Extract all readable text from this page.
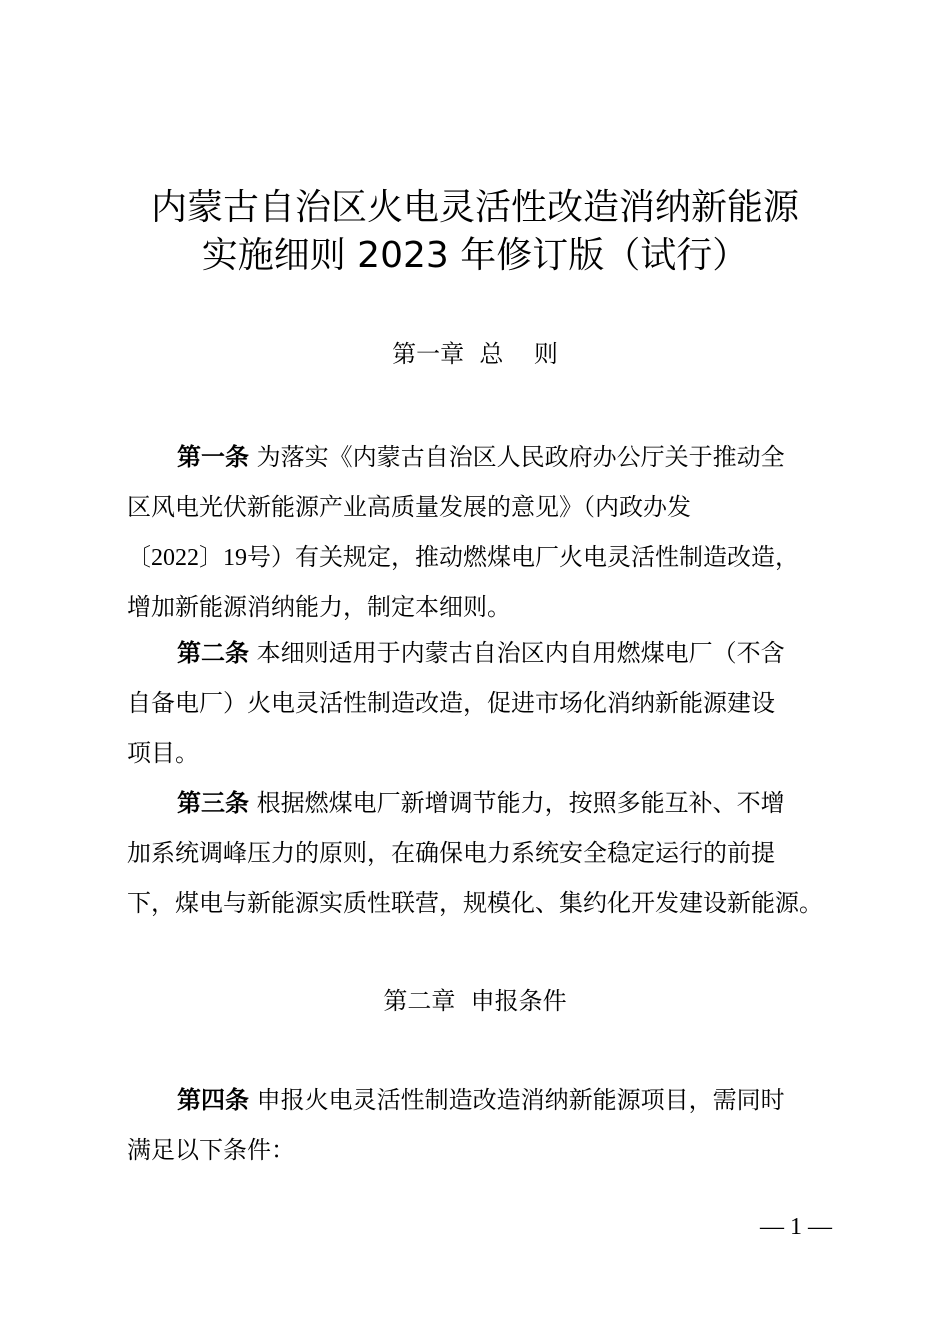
内蒙古自治区火电灵活性改造消纳新能源
实施细则 2023 年修订版（试行）
第一章  总    则
第一条 为落实《内蒙古自治区人民政府办公厅关于推动全
区风电光伏新能源产业高质量发展的意见》（内政办发
〔2022〕19号）有关规定，推动燃煤电厂火电灵活性制造改造，
增加新能源消纳能力，制定本细则。
第二条 本细则适用于内蒙古自治区内自用燃煤电厂（不含
自备电厂）火电灵活性制造改造，促进市场化消纳新能源建设
项目。
第三条 根据燃煤电厂新增调节能力，按照多能互补、不增
加系统调峰压力的原则，在确保电力系统安全稳定运行的前提
下，煤电与新能源实质性联营，规模化、集约化开发建设新能源。
第二章  申报条件
第四条 申报火电灵活性制造改造消纳新能源项目，需同时
满足以下条件：
— 1 —
